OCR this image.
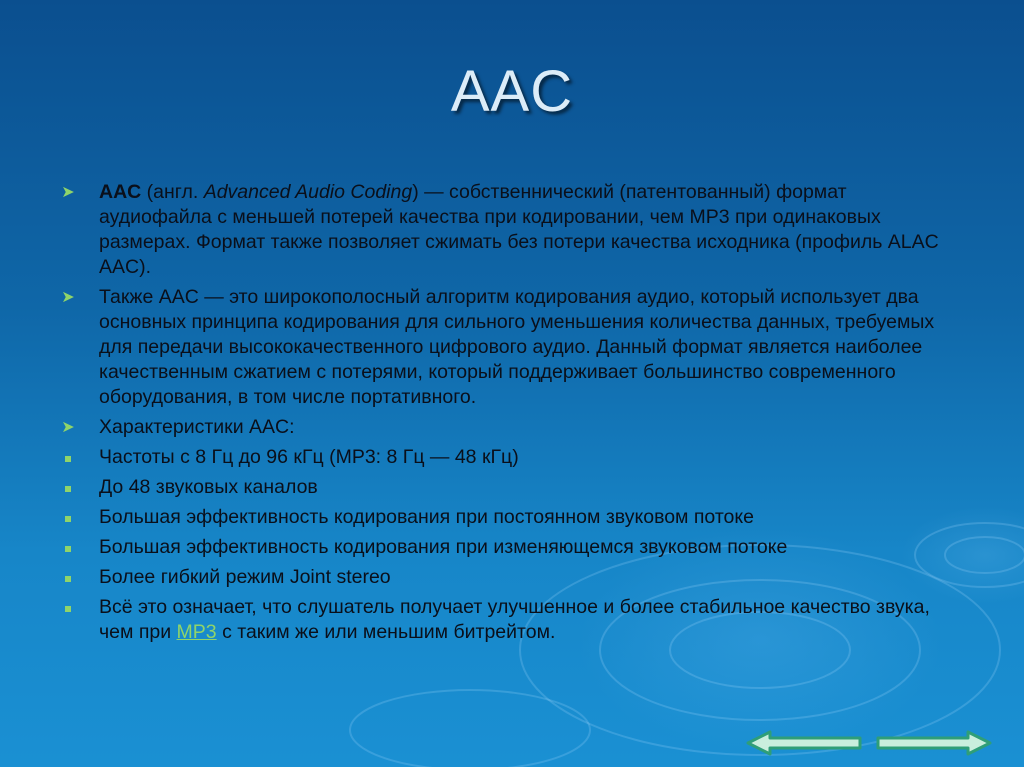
AAC
➤ AAC (англ. Advanced Audio Coding) — собственнический (патентованный) формат аудиофайла с меньшей потерей качества при кодировании, чем MP3 при одинаковых размерах. Формат также позволяет сжимать без потери качества исходника (профиль ALAC AAC).
➤ Также AAC — это широкополосный алгоритм кодирования аудио, который использует два основных принципа кодирования для сильного уменьшения количества данных, требуемых для передачи высококачественного цифрового аудио. Данный формат является наиболее качественным сжатием с потерями, который поддерживает большинство современного оборудования, в том числе портативного.
➤ Характеристики AAC:
Частоты с 8 Гц до 96 кГц (MP3: 8 Гц — 48 кГц)
До 48 звуковых каналов
Большая эффективность кодирования при постоянном звуковом потоке
Большая эффективность кодирования при изменяющемся звуковом потоке
Более гибкий режим Joint stereo
Всё это означает, что слушатель получает улучшенное и более стабильное качество звука, чем при MP3 с таким же или меньшим битрейтом.
